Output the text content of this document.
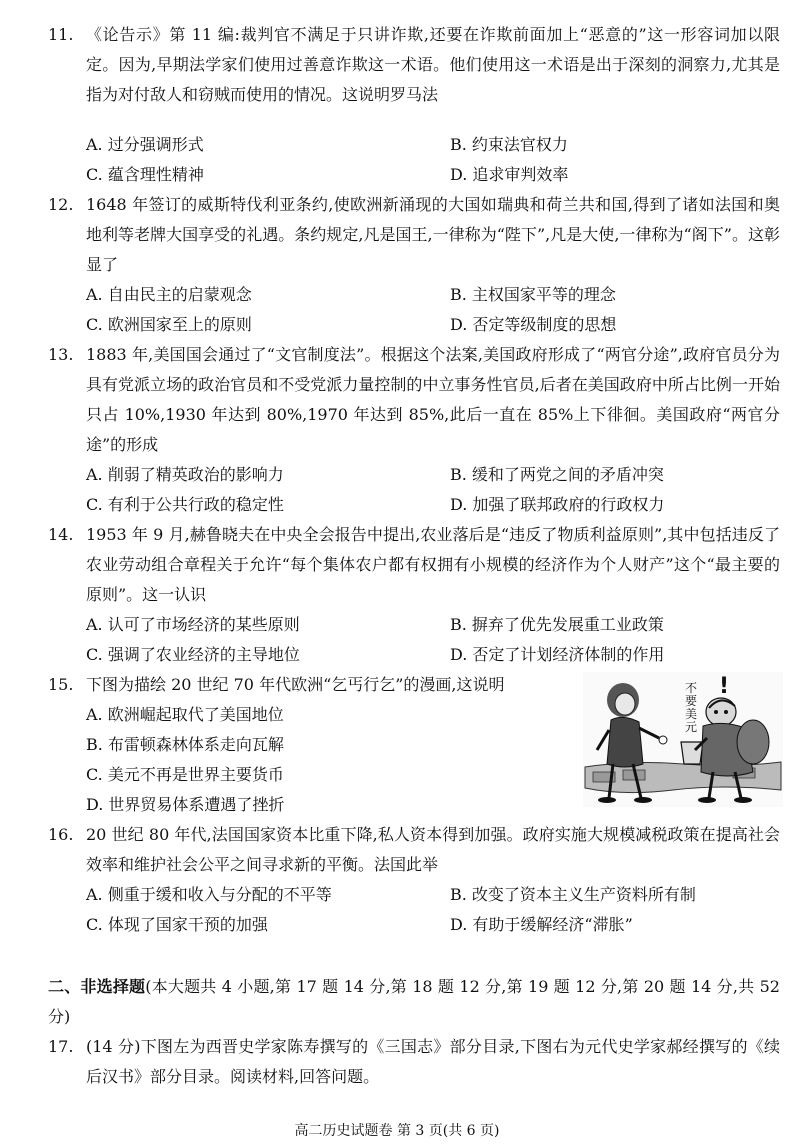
11. 《论告示》第 11 编:裁判官不满足于只讲诈欺,还要在诈欺前面加上“恶意的”这一形容词加以限定。因为,早期法学家们使用过善意诈欺这一术语。他们使用这一术语是出于深刻的洞察力,尤其是指为对付敌人和窃贼而使用的情况。这说明罗马法
A. 过分强调形式	B. 约束法官权力
C. 蕴含理性精神	D. 追求审判效率
12. 1648 年签订的威斯特伐利亚条约,使欧洲新涌现的大国如瑞典和荷兰共和国,得到了诸如法国和奥地利等老牌大国享受的礼遇。条约规定,凡是国王,一律称为“陛下”,凡是大使,一律称为“阁下”。这彰显了
A. 自由民主的启蒙观念	B. 主权国家平等的理念
C. 欧洲国家至上的原则	D. 否定等级制度的思想
13. 1883 年,美国国会通过了“文官制度法”。根据这个法案,美国政府形成了“两官分途”,政府官员分为具有党派立场的政治官员和不受党派力量控制的中立事务性官员,后者在美国政府中所占比例一开始只占 10%,1930 年达到 80%,1970 年达到 85%,此后一直在 85%上下徘徊。美国政府“两官分途”的形成
A. 削弱了精英政治的影响力	B. 缓和了两党之间的矛盾冲突
C. 有利于公共行政的稳定性	D. 加强了联邦政府的行政权力
14. 1953 年 9 月,赫鲁晓夫在中央全会报告中提出,农业落后是“违反了物质利益原则”,其中包括违反了农业劳动组合章程关于允许“每个集体农户都有权拥有小规模的经济作为个人财产”这个“最主要的原则”。这一认识
A. 认可了市场经济的某些原则	B. 摒弃了优先发展重工业政策
C. 强调了农业经济的主导地位	D. 否定了计划经济体制的作用
15. 下图为描绘 20 世纪 70 年代欧洲“乞丐行乞”的漫画,这说明
A. 欧洲崛起取代了美国地位
B. 布雷顿森林体系走向瓦解
C. 美元不再是世界主要货币
D. 世界贸易体系遭遇了挫折
不要美元
!
16. 20 世纪 80 年代,法国国家资本比重下降,私人资本得到加强。政府实施大规模减税政策在提高社会效率和维护社会公平之间寻求新的平衡。法国此举
A. 侧重于缓和收入与分配的不平等	B. 改变了资本主义生产资料所有制
C. 体现了国家干预的加强	D. 有助于缓解经济“滞胀”
二、非选择题(本大题共 4 小题,第 17 题 14 分,第 18 题 12 分,第 19 题 12 分,第 20 题 14 分,共 52 分)
17. (14 分)下图左为西晋史学家陈寿撰写的《三国志》部分目录,下图右为元代史学家郝经撰写的《续后汉书》部分目录。阅读材料,回答问题。
高二历史试题卷 第 3 页(共 6 页)
